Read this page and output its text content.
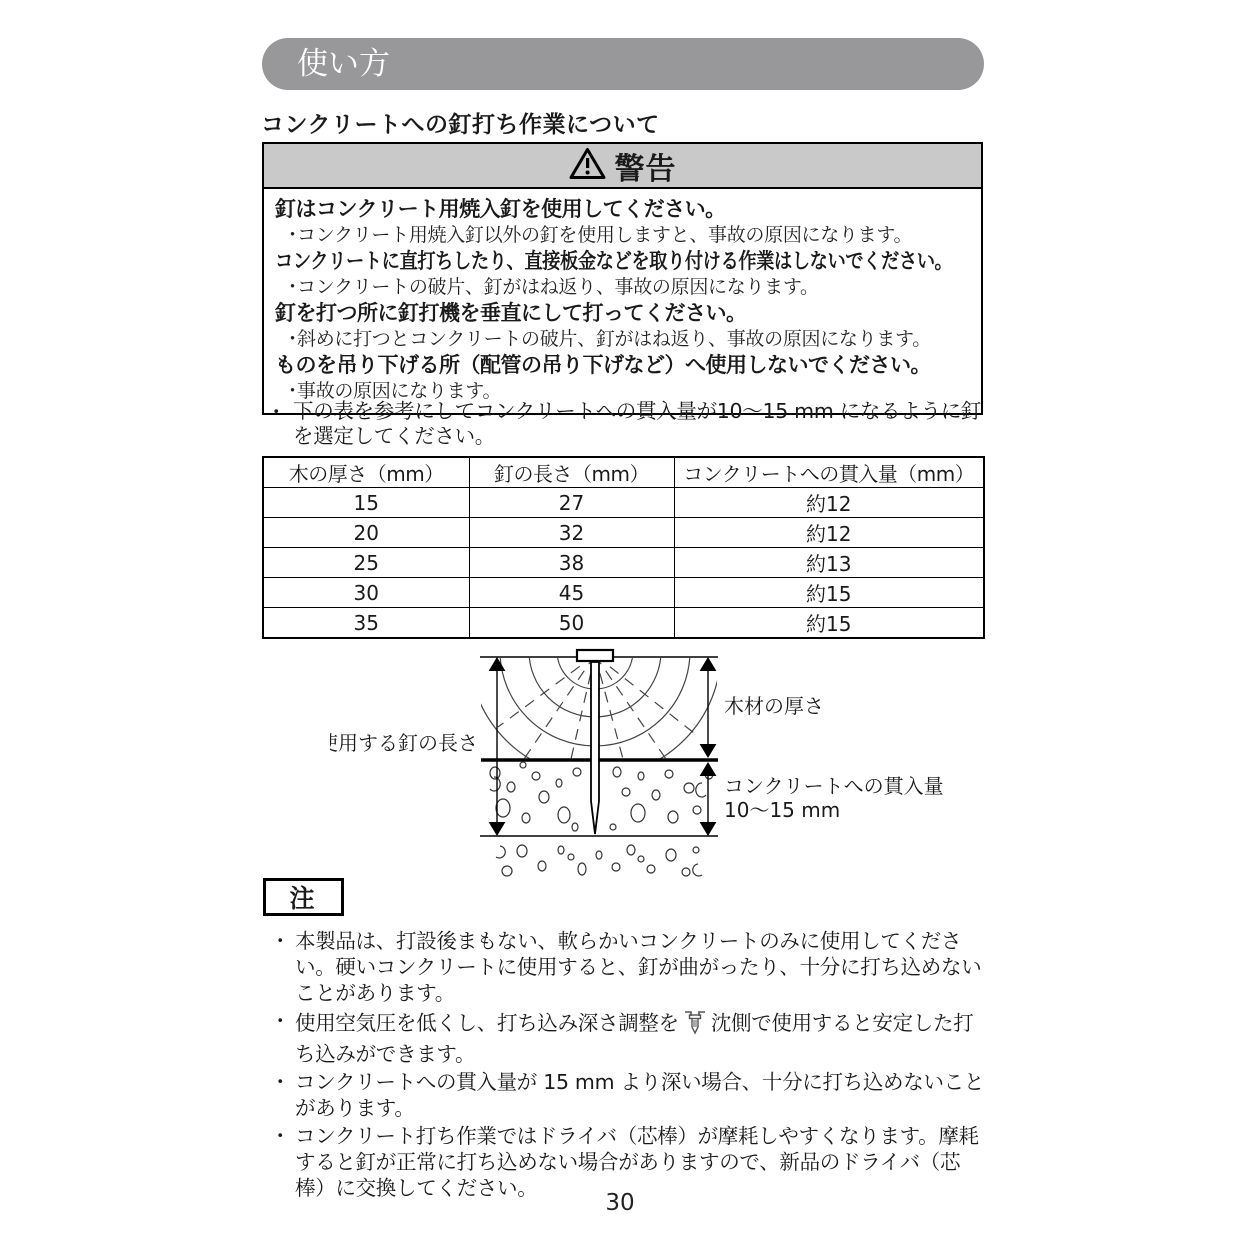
使い方
コンクリートへの釘打ち作業について
警告
釘はコンクリート用焼入釘を使用してください。
・
コンクリート用焼入釘以外の釘を使用しますと、事故の原因になります。
コンクリートに直打ちしたり、直接板金などを取り付ける作業はしないでください。
・
コンクリートの破片、釘がはね返り、事故の原因になります。
釘を打つ所に釘打機を垂直にして打ってください。
・
斜めに打つとコンクリートの破片、釘がはね返り、事故の原因になります。
ものを吊り下げる所（配管の吊り下げなど）へ使用しないでください。
・
事故の原因になります。
・ 下の表を参考にしてコンクリートへの貫入量が10～15 mm になるように釘を選定してください。
木の厚さ（mm）	釘の長さ（mm）	コンクリートへの貫入量（mm）
15	27	約12
20	32	約12
25	38	約13
30	45	約15
35	50	約15
使用する釘の長さ
木材の厚さ
コンクリートへの貫入量
10～15 mm
注
・ 本製品は、打設後まもない、軟らかいコンクリートのみに使用してください。硬いコンクリートに使用すると、釘が曲がったり、十分に打ち込めないことがあります。
・ 使用空気圧を低くし、打ち込み深さ調整を 沈側で使用すると安定した打ち込みができます。
・ コンクリートへの貫入量が 15 mm より深い場合、十分に打ち込めないことがあります。
・ コンクリート打ち作業ではドライバ（芯棒）が摩耗しやすくなります。摩耗すると釘が正常に打ち込めない場合がありますので、新品のドライバ（芯棒）に交換してください。
30
